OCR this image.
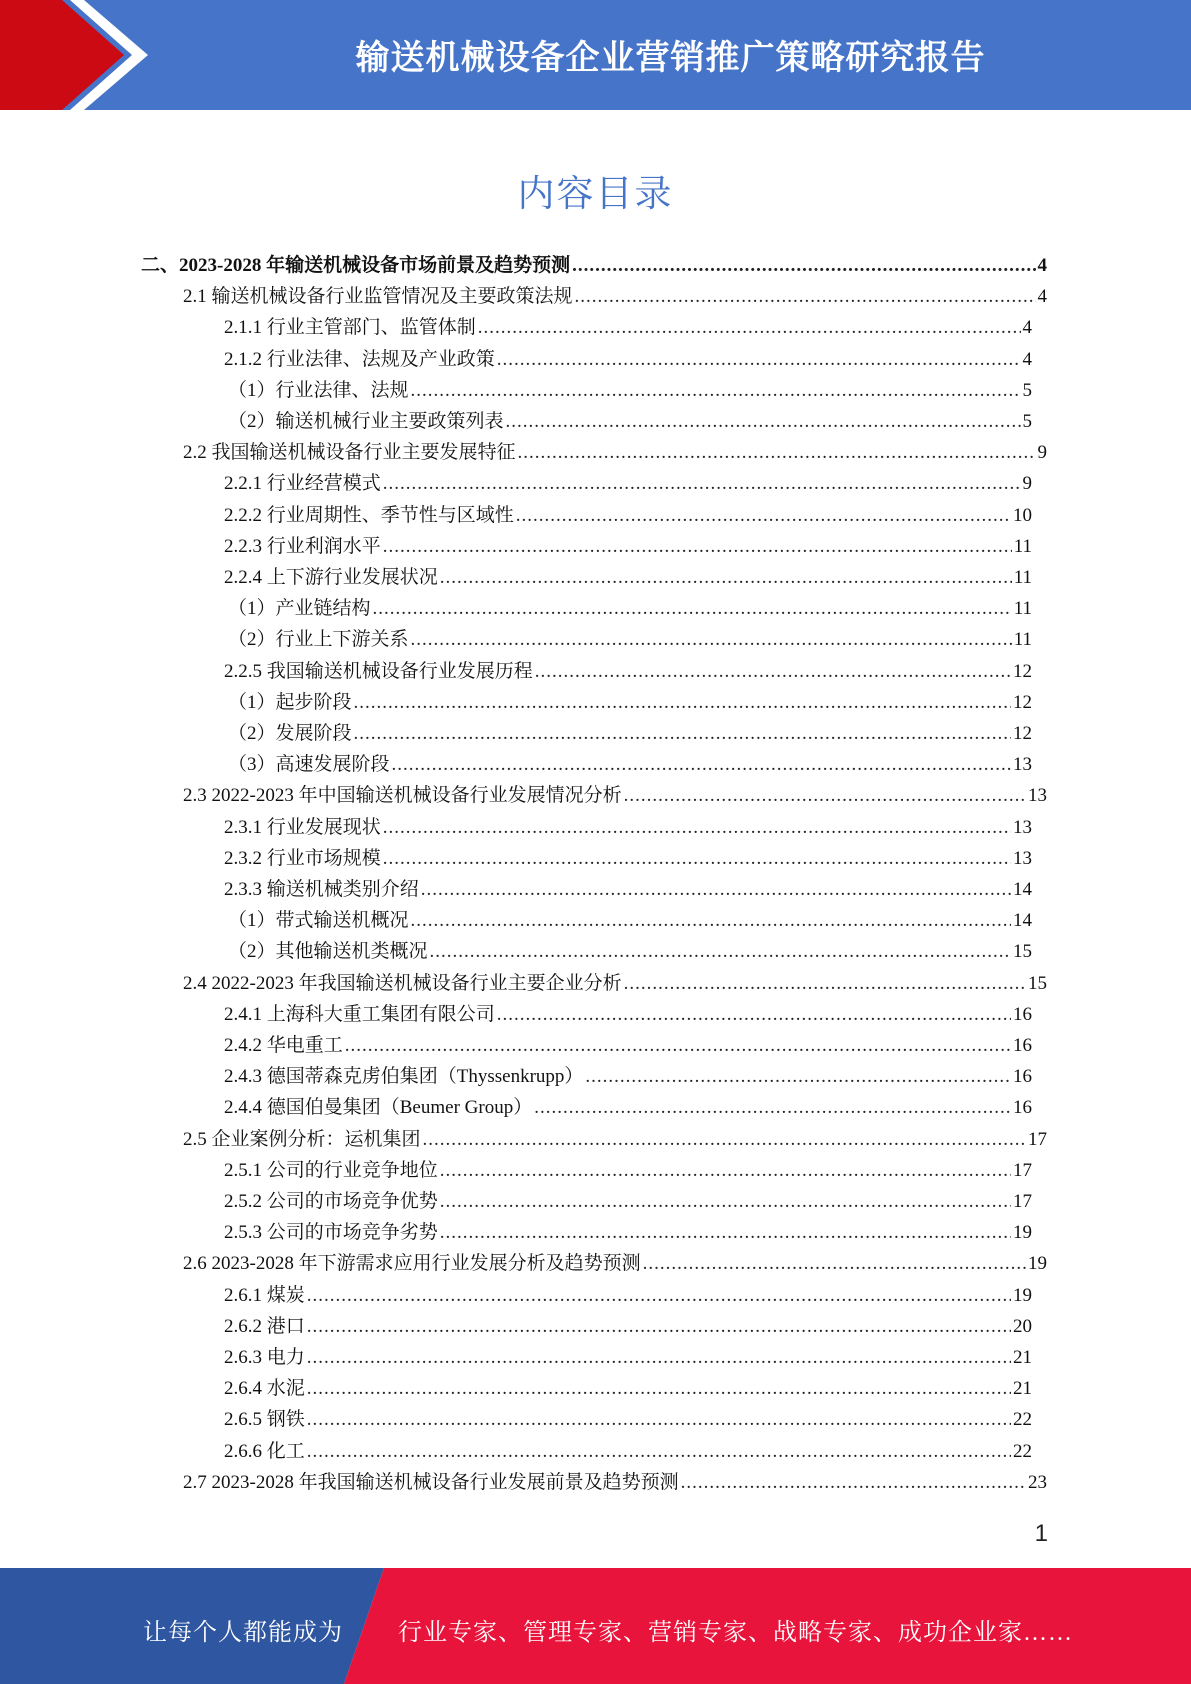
输送机械设备企业营销推广策略研究报告
内容目录
二、2023-2028 年输送机械设备市场前景及趋势预测 .....	4
2.1 输送机械设备行业监管情况及主要政策法规 .....	4
2.1.1 行业主管部门、监管体制 .....	4
2.1.2 行业法律、法规及产业政策 .....	4
（1）行业法律、法规 .....	5
（2）输送机械行业主要政策列表 .....	5
2.2 我国输送机械设备行业主要发展特征 .....	9
2.2.1 行业经营模式 .....	9
2.2.2 行业周期性、季节性与区域性 .....	10
2.2.3 行业利润水平 .....	11
2.2.4 上下游行业发展状况 .....	11
（1）产业链结构 .....	11
（2）行业上下游关系 .....	11
2.2.5 我国输送机械设备行业发展历程 .....	12
（1）起步阶段 .....	12
（2）发展阶段 .....	12
（3）高速发展阶段 .....	13
2.3 2022-2023 年中国输送机械设备行业发展情况分析 .....	13
2.3.1 行业发展现状 .....	13
2.3.2 行业市场规模 .....	13
2.3.3 输送机械类别介绍 .....	14
（1）带式输送机概况 .....	14
（2）其他输送机类概况 .....	15
2.4 2022-2023 年我国输送机械设备行业主要企业分析 .....	15
2.4.1 上海科大重工集团有限公司 .....	16
2.4.2 华电重工 .....	16
2.4.3 德国蒂森克虏伯集团（Thyssenkrupp） .....	16
2.4.4 德国伯曼集团（Beumer Group） .....	16
2.5 企业案例分析：运机集团 .....	17
2.5.1 公司的行业竞争地位 .....	17
2.5.2 公司的市场竞争优势 .....	17
2.5.3 公司的市场竞争劣势 .....	19
2.6 2023-2028 年下游需求应用行业发展分析及趋势预测 .....	19
2.6.1 煤炭 .....	19
2.6.2 港口 .....	20
2.6.3 电力 .....	21
2.6.4 水泥 .....	21
2.6.5 钢铁 .....	22
2.6.6 化工 .....	22
2.7 2023-2028 年我国输送机械设备行业发展前景及趋势预测 .....	23
1
让每个人都能成为 行业专家、管理专家、营销专家、战略专家、成功企业家……
